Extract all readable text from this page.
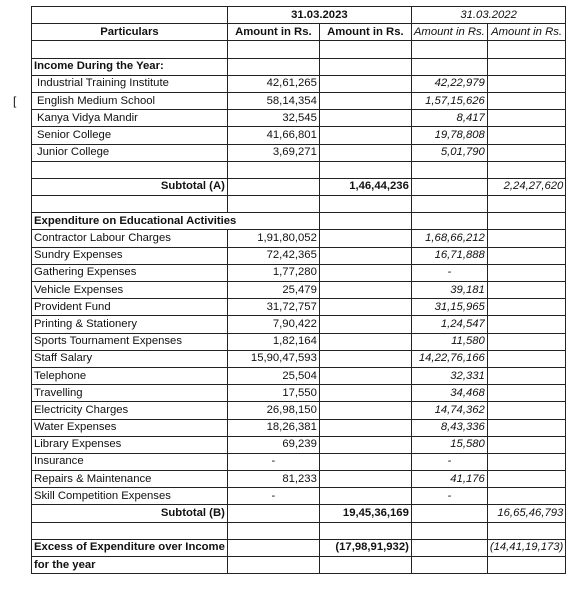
[
	31.03.2023		31.03.2022	
Particulars	Amount in Rs.	Amount in Rs.	Amount in Rs.	Amount in Rs.

Income During the Year:				
Industrial Training Institute	42,61,265		42,22,979	
English Medium School	58,14,354		1,57,15,626	
Kanya Vidya Mandir	32,545		8,417	
Senior College	41,66,801		19,78,808	
Junior College	3,69,271		5,01,790	

Subtotal (A)		1,46,44,236		2,24,27,620

Expenditure on Educational Activities				
Contractor Labour Charges	1,91,80,052		1,68,66,212	
Sundry Expenses	72,42,365		16,71,888	
Gathering Expenses	1,77,280		-	
Vehicle Expenses	25,479		39,181	
Provident Fund	31,72,757		31,15,965	
Printing & Stationery	7,90,422		1,24,547	
Sports Tournament Expenses	1,82,164		11,580	
Staff Salary	15,90,47,593		14,22,76,166	
Telephone	25,504		32,331	
Travelling	17,550		34,468	
Electricity Charges	26,98,150		14,74,362	
Water Expenses	18,26,381		8,43,336	
Library Expenses	69,239		15,580	
Insurance	-		-	
Repairs & Maintenance	81,233		41,176	
Skill Competition Expenses	-		-	
Subtotal (B)		19,45,36,169		16,65,46,793

Excess of Expenditure over Income		(17,98,91,932)		(14,41,19,173)
for the year				
